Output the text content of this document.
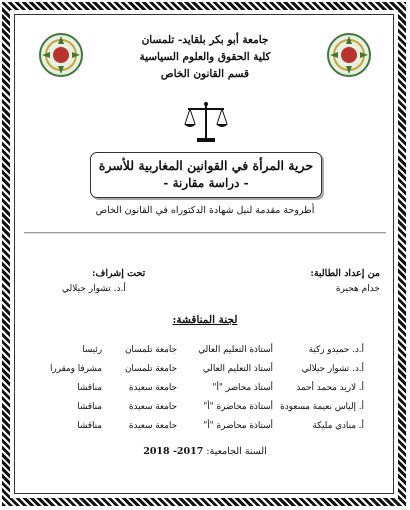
جامعة أبو بكر بلقايد- تلمسان
كلية الحقوق والعلوم السياسية
قسم القانون الخاص
حرية المرأة في القوانين المغاربية للأسرة
- دراسة مقارنة -
أطروحة مقدمة لنيل شهادة الدكتوراه في القانون الخاص
من إعداد الطالبة:
خدام هجيرة
تحت إشراف:
أ.د. تشوار جيلالي
لجنة المناقشة:
أ.د. حميدو زكية
أستاذة التعليم العالي
جامعة تلمسان
رئيسا
أ.د. تشوار جيلالي
أستاذ التعليم العالي
جامعة تلمسان
مشرفا ومقررا
أ. لاريد محمد أحمد
أستاذ محاضر "أ"
جامعة سعيدة
مناقشا
أ. إلياس نعيمة مسعودة
أستاذة محاضرة "أ"
جامعة سعيدة
مناقشا
أ. منادي مليكة
أستاذة محاضرة "أ"
جامعة سعيدة
مناقشا
السنة الجامعية: 2017- 2018
